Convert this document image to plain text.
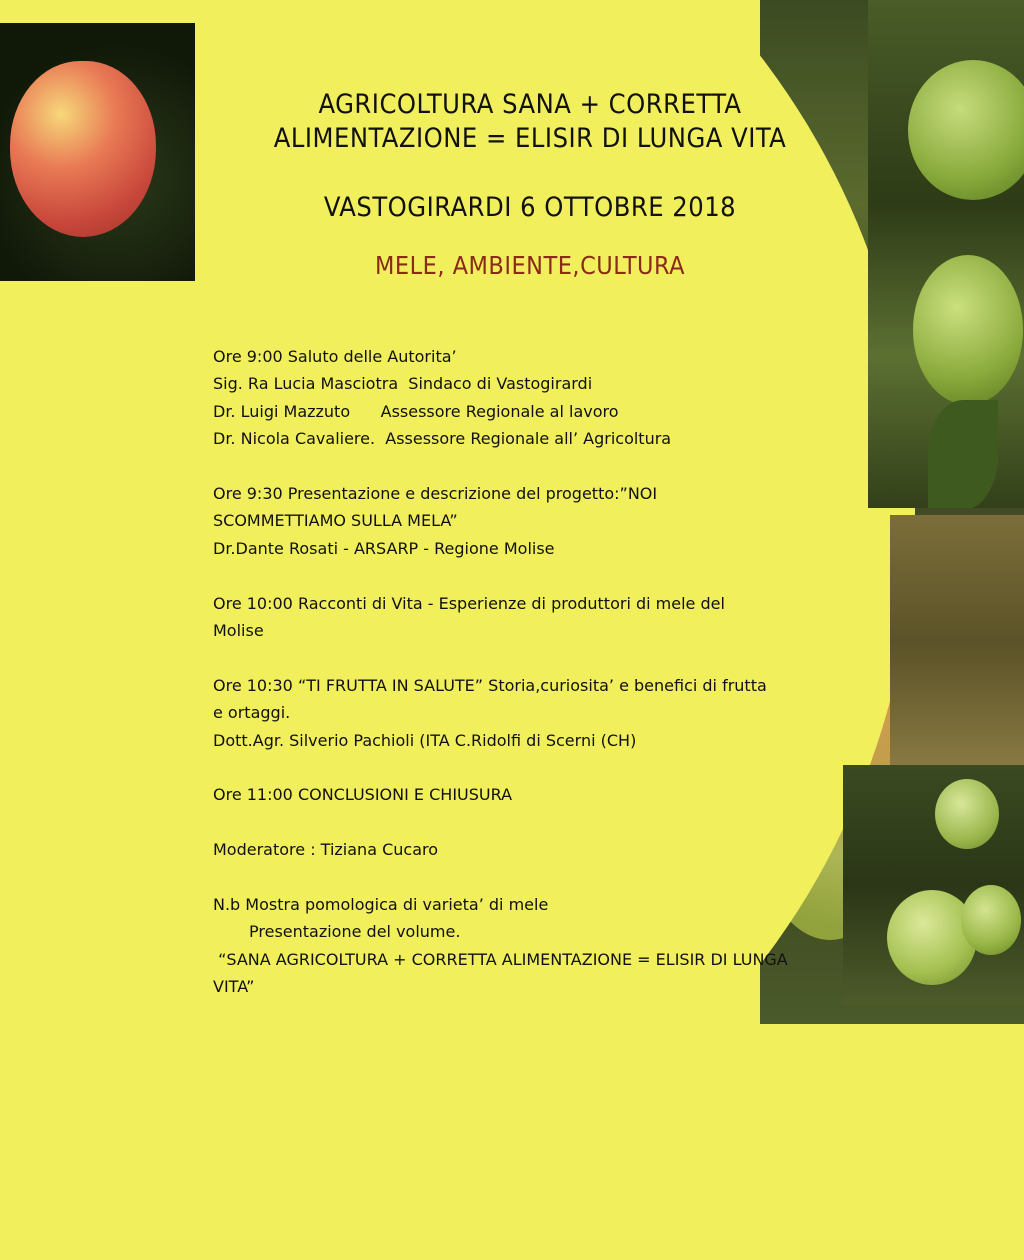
AGRICOLTURA SANA + CORRETTA
ALIMENTAZIONE = ELISIR DI LUNGA VITA
VASTOGIRARDI 6 OTTOBRE 2018
MELE, AMBIENTE,CULTURA

Ore 9:00 Saluto delle Autorita’

Sig. Ra Lucia Masciotra  Sindaco di Vastogirardi

Dr. Luigi Mazzuto      Assessore Regionale al lavoro

Dr. Nicola Cavaliere.  Assessore Regionale all’ Agricoltura

Ore 9:30 Presentazione e descrizione del progetto:”NOI

SCOMMETTIAMO SULLA MELA”

Dr.Dante Rosati - ARSARP - Regione Molise

Ore 10:00 Racconti di Vita - Esperienze di produttori di mele del

Molise

Ore 10:30 “TI FRUTTA IN SALUTE” Storia,curiosita’ e benefici di frutta

e ortaggi.

Dott.Agr. Silverio Pachioli (ITA C.Ridolfi di Scerni (CH)

Ore 11:00 CONCLUSIONI E CHIUSURA

Moderatore : Tiziana Cucaro

N.b Mostra pomologica di varieta’ di mele

Presentazione del volume.

“SANA AGRICOLTURA + CORRETTA ALIMENTAZIONE = ELISIR DI LUNGA

VITA”
